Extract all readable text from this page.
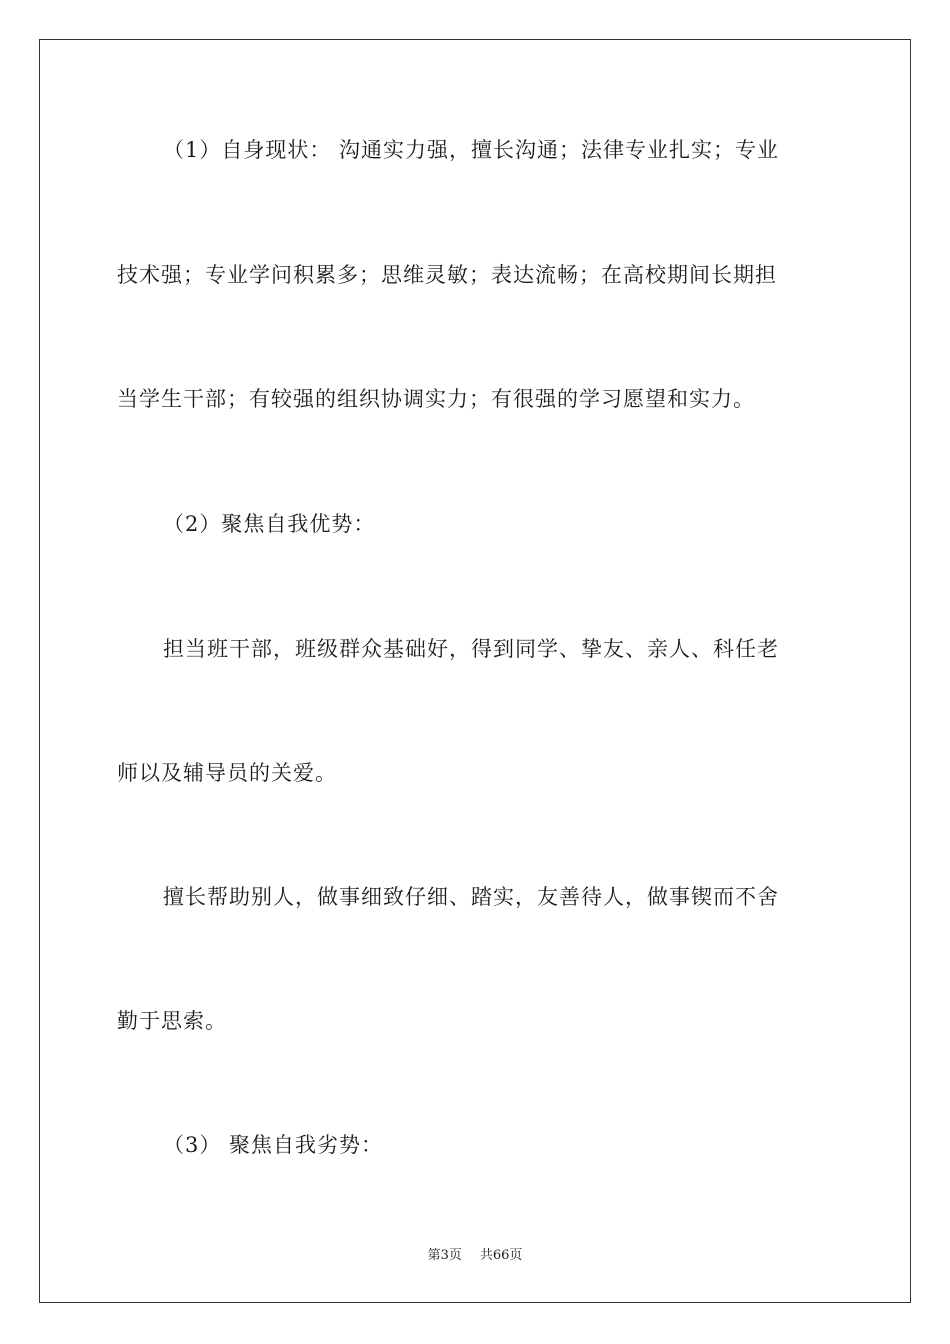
（1）自身现状： 沟通实力强，擅长沟通；法律专业扎实；专业
技术强；专业学问积累多；思维灵敏；表达流畅；在高校期间长期担
当学生干部；有较强的组织协调实力；有很强的学习愿望和实力。
（2）聚焦自我优势：
担当班干部，班级群众基础好，得到同学、挚友、亲人、科任老
师以及辅导员的关爱。
擅长帮助别人，做事细致仔细、踏实，友善待人，做事锲而不舍
勤于思索。
（3） 聚焦自我劣势：
第3页 共66页
